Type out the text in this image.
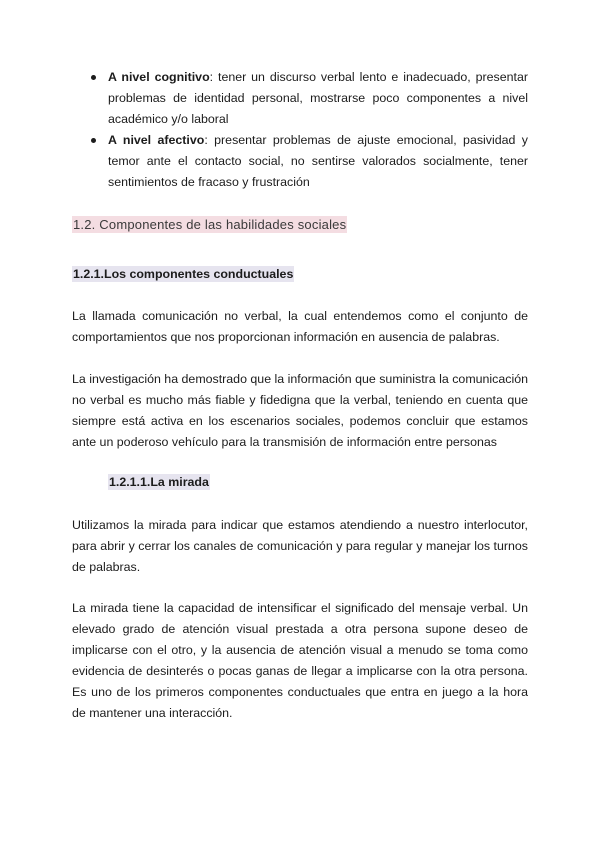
A nivel cognitivo: tener un discurso verbal lento e inadecuado, presentar problemas de identidad personal, mostrarse poco componentes a nivel académico y/o laboral
A nivel afectivo: presentar problemas de ajuste emocional, pasividad y temor ante el contacto social, no sentirse valorados socialmente, tener sentimientos de fracaso y frustración
1.2. Componentes de las habilidades sociales
1.2.1.Los componentes conductuales

La llamada comunicación no verbal, la cual entendemos como el conjunto de comportamientos que nos proporcionan información en ausencia de palabras.

La investigación ha demostrado que la información que suministra la comunicación no verbal es mucho más fiable y fidedigna que la verbal, teniendo en cuenta que siempre está activa en los escenarios sociales, podemos concluir que estamos ante un poderoso vehículo para la transmisión de información entre personas

1.2.1.1.La mirada

Utilizamos la mirada para indicar que estamos atendiendo a nuestro interlocutor, para abrir y cerrar los canales de comunicación y para regular y manejar los turnos de palabras.

La mirada tiene la capacidad de intensificar el significado del mensaje verbal. Un elevado grado de atención visual prestada a otra persona supone deseo de implicarse con el otro, y la ausencia de atención visual a menudo se toma como evidencia de desinterés o pocas ganas de llegar a implicarse con la otra persona. Es uno de los primeros componentes conductuales que entra en juego a la hora de mantener una interacción.
